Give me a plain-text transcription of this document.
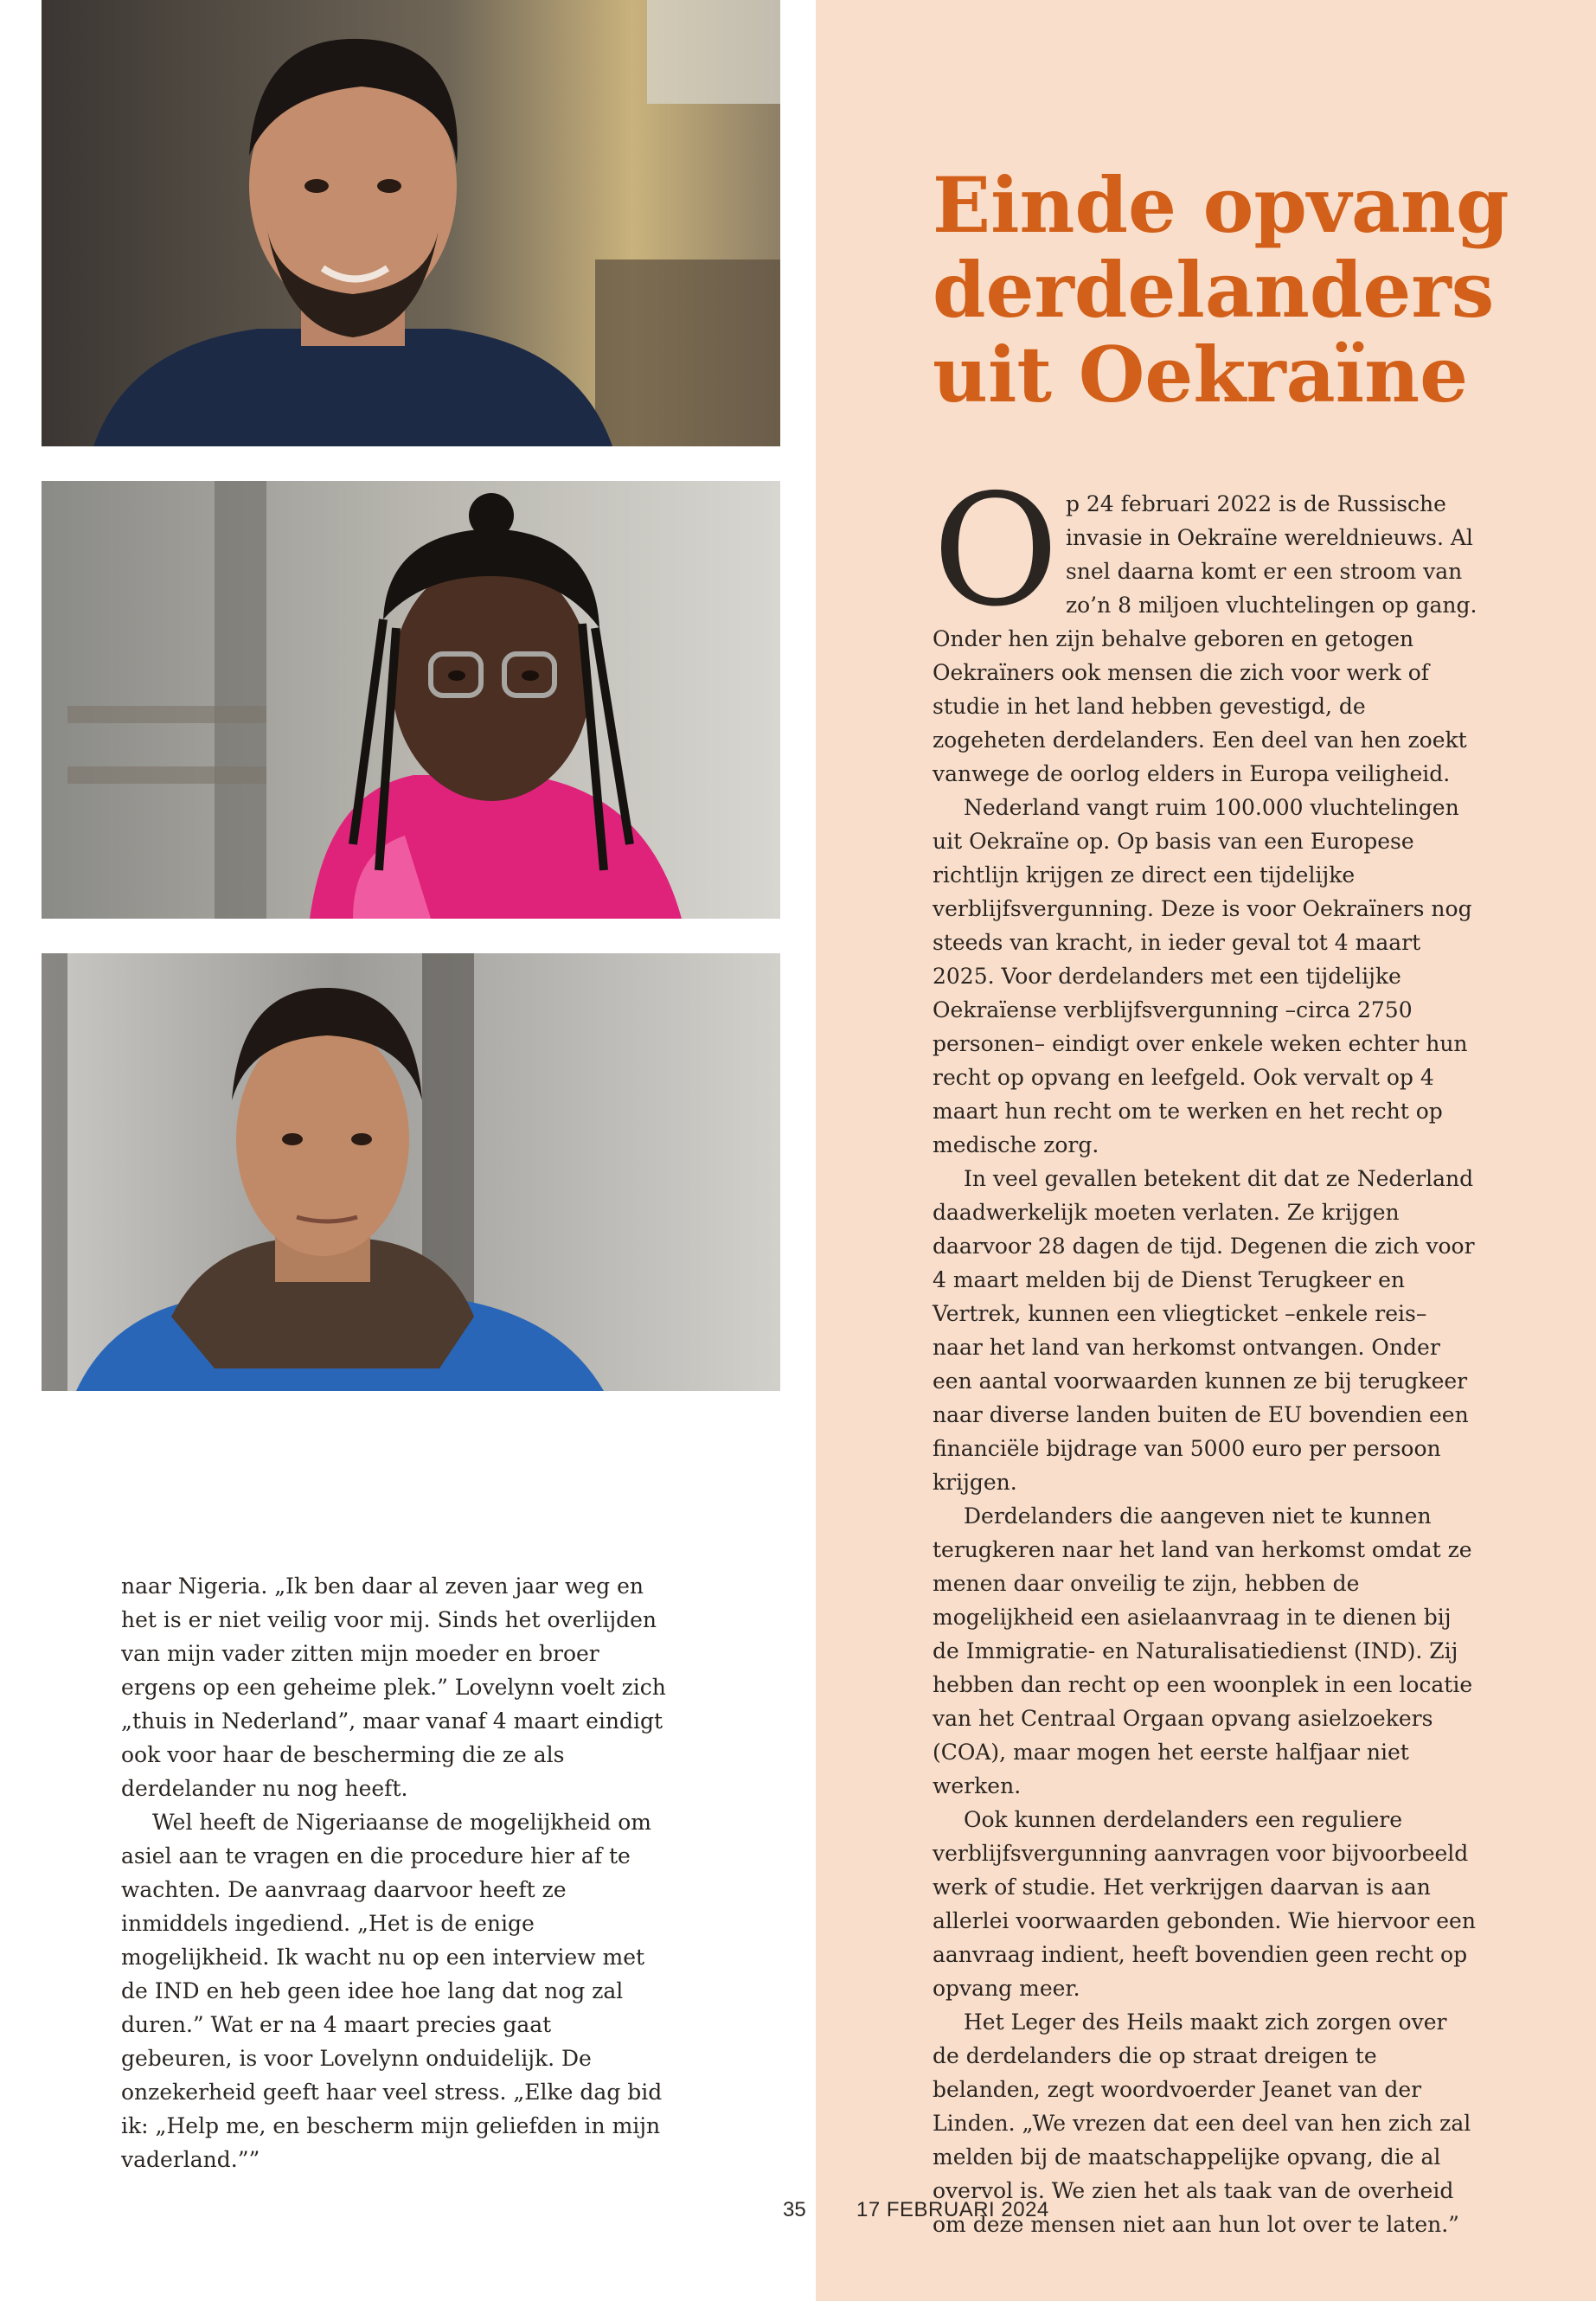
naar Nigeria. „Ik ben daar al zeven jaar weg en het is er niet veilig voor mij. Sinds het overlijden van mijn vader zitten mijn moeder en broer ergens op een geheime plek.” Lovelynn voelt zich „thuis in Nederland”, maar vanaf 4 maart eindigt ook voor haar de bescherming die ze als derdelander nu nog heeft.

Wel heeft de Nigeriaanse de mogelijkheid om asiel aan te vragen en die procedure hier af te wachten. De aanvraag daarvoor heeft ze inmiddels ingediend. „Het is de enige mogelijkheid. Ik wacht nu op een interview met de IND en heb geen idee hoe lang dat nog zal duren.” Wat er na 4 maart precies gaat gebeuren, is voor Lovelynn onduidelijk. De onzekerheid geeft haar veel stress. „Elke dag bid ik: „Help me, en bescherm mijn geliefden in mijn vaderland.””

Einde opvang
derdelanders
uit Oekraïne

Op 24 februari 2022 is de Russische invasie in Oekraïne wereldnieuws. Al snel daarna komt er een stroom van zo’n 8 miljoen vluchtelingen op gang. Onder hen zijn behalve geboren en getogen Oekraïners ook mensen die zich voor werk of studie in het land hebben gevestigd, de zogeheten derdelanders. Een deel van hen zoekt vanwege de oorlog elders in Europa veiligheid.

Nederland vangt ruim 100.000 vluchtelingen uit Oekraïne op. Op basis van een Europese richtlijn krijgen ze direct een tijdelijke verblijfsvergunning. Deze is voor Oekraïners nog steeds van kracht, in ieder geval tot 4 maart 2025. Voor derdelanders met een tijdelijke Oekraïense verblijfsvergunning –circa 2750 personen– eindigt over enkele weken echter hun recht op opvang en leefgeld. Ook vervalt op 4 maart hun recht om te werken en het recht op medische zorg.

In veel gevallen betekent dit dat ze Nederland daadwerkelijk moeten verlaten. Ze krijgen daarvoor 28 dagen de tijd. Degenen die zich voor 4 maart melden bij de Dienst Terugkeer en Vertrek, kunnen een vliegticket –enkele reis– naar het land van herkomst ontvangen. Onder een aantal voorwaarden kunnen ze bij terugkeer naar diverse landen buiten de EU bovendien een financiële bijdrage van 5000 euro per persoon krijgen.

Derdelanders die aangeven niet te kunnen terugkeren naar het land van herkomst omdat ze menen daar onveilig te zijn, hebben de mogelijkheid een asielaanvraag in te dienen bij de Immigratie- en Naturalisatiedienst (IND). Zij hebben dan recht op een woonplek in een locatie van het Centraal Orgaan opvang asielzoekers (COA), maar mogen het eerste halfjaar niet werken.

Ook kunnen derdelanders een reguliere verblijfsvergunning aanvragen voor bijvoorbeeld werk of studie. Het verkrijgen daarvan is aan allerlei voorwaarden gebonden. Wie hiervoor een aanvraag indient, heeft bovendien geen recht op opvang meer.

Het Leger des Heils maakt zich zorgen over de derdelanders die op straat dreigen te belanden, zegt woordvoerder Jeanet van der Linden. „We vrezen dat een deel van hen zich zal melden bij de maatschappelijke opvang, die al overvol is. We zien het als taak van de overheid om deze mensen niet aan hun lot over te laten.”

35 17 FEBRUARI 2024
